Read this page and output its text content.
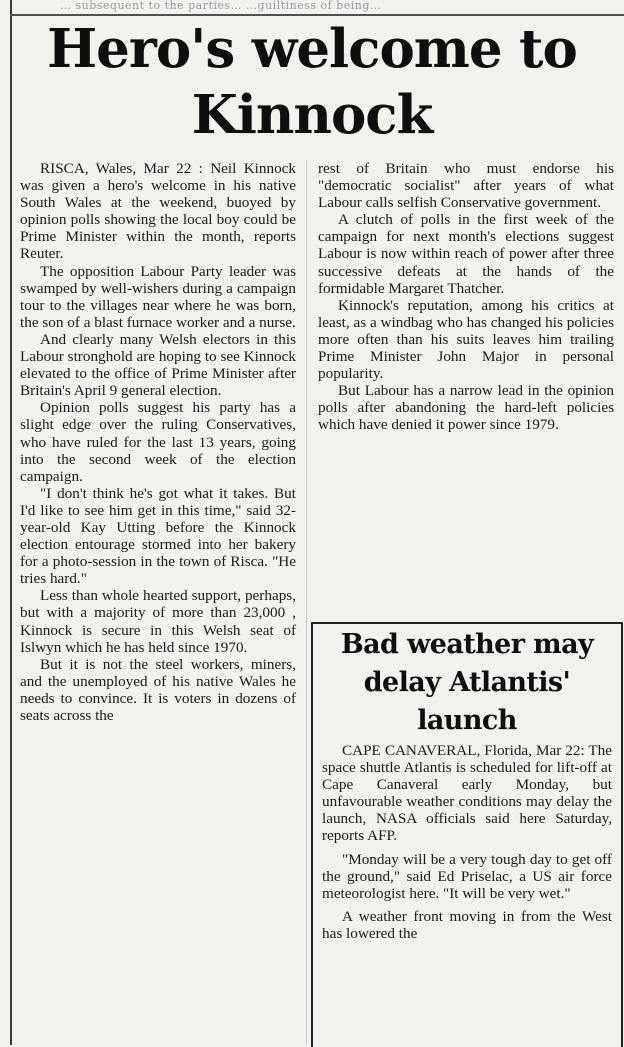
… subsequent to the parties… …guiltiness of being…
Hero's welcome to Kinnock

RISCA, Wales, Mar 22 : Neil Kinnock was given a hero's welcome in his native South Wales at the weekend, buoyed by opinion polls showing the local boy could be Prime Minister within the month, reports Reuter.

The opposition Labour Party leader was swamped by well-wishers during a campaign tour to the villages near where he was born, the son of a blast furnace worker and a nurse.

And clearly many Welsh electors in this Labour stronghold are hoping to see Kinnock elevated to the office of Prime Minister after Britain's April 9 general election.

Opinion polls suggest his party has a slight edge over the ruling Conservatives, who have ruled for the last 13 years, going into the second week of the election campaign.

"I don't think he's got what it takes. But I'd like to see him get in this time," said 32-year-old Kay Utting before the Kinnock election entourage stormed into her bakery for a photo-session in the town of Risca. "He tries hard."

Less than whole hearted support, perhaps, but with a majority of more than 23,000 , Kinnock is secure in this Welsh seat of Islwyn which he has held since 1970.

But it is not the steel workers, miners, and the unemployed of his native Wales he needs to convince. It is voters in dozens of seats across the

rest of Britain who must endorse his "democratic socialist" after years of what Labour calls selfish Conservative government.

A clutch of polls in the first week of the campaign for next month's elections suggest Labour is now within reach of power after three successive defeats at the hands of the formidable Margaret Thatcher.

Kinnock's reputation, among his critics at least, as a windbag who has changed his policies more often than his suits leaves him trailing Prime Minister John Major in personal popularity.

But Labour has a narrow lead in the opinion polls after abandoning the hard-left policies which have denied it power since 1979.

Bad weather may delay Atlantis' launch

CAPE CANAVERAL, Florida, Mar 22: The space shuttle Atlantis is scheduled for lift-off at Cape Canaveral early Monday, but unfavourable weather conditions may delay the launch, NASA officials said here Saturday, reports AFP.

"Monday will be a very tough day to get off the ground," said Ed Priselac, a US air force meteorologist here. "It will be very wet."

A weather front moving in from the West has lowered the
